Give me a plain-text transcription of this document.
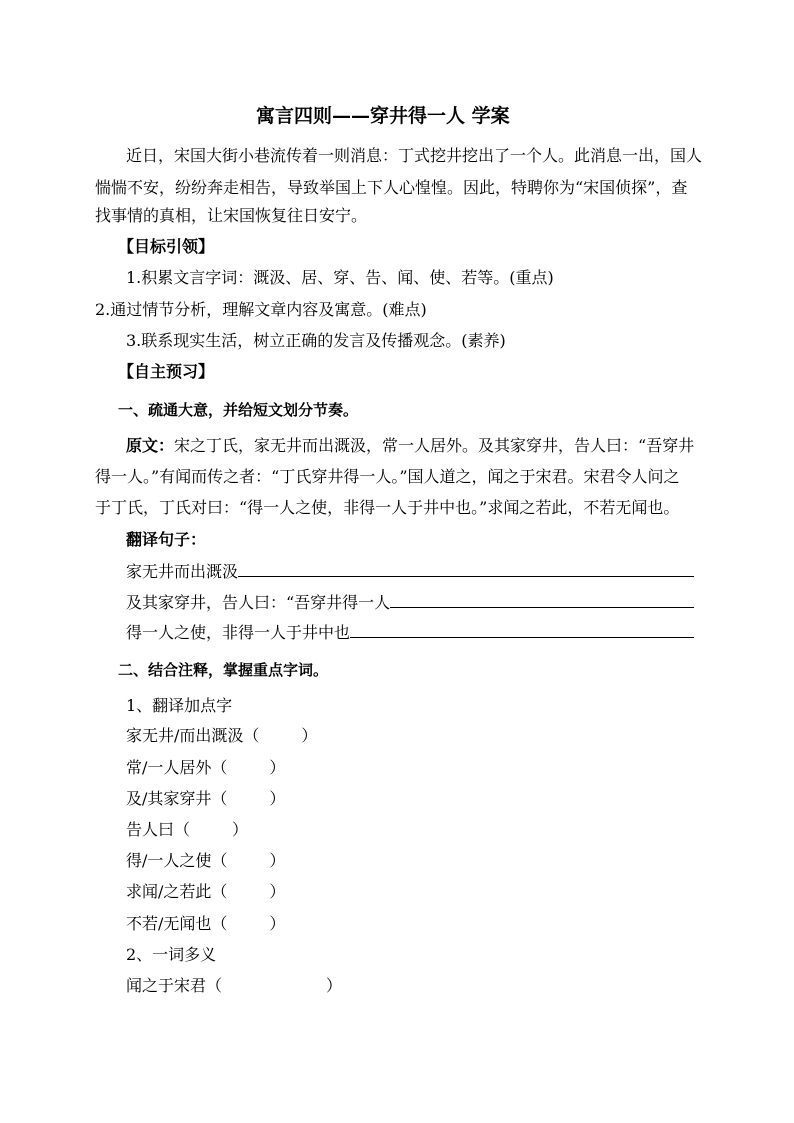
寓言四则——穿井得一人 学案
近日，宋国大街小巷流传着一则消息：丁式挖井挖出了一个人。此消息一出，国人
惴惴不安，纷纷奔走相告，导致举国上下人心惶惶。因此，特聘你为“宋国侦探”，查
找事情的真相，让宋国恢复往日安宁。
【目标引领】
1.积累文言字词：溉汲、居、穿、告、闻、使、若等。(重点)
2.通过情节分析，理解文章内容及寓意。(难点)
3.联系现实生活，树立正确的发言及传播观念。(素养)
【自主预习】
一、疏通大意，并给短文划分节奏。
原文：宋之丁氏，家无井而出溉汲，常一人居外。及其家穿井，告人曰：“吾穿井
得一人。”有闻而传之者：“丁氏穿井得一人。”国人道之，闻之于宋君。宋君令人问之
于丁氏，丁氏对曰：“得一人之使，非得一人于井中也。”求闻之若此，不若无闻也。
翻译句子：
家无井而出溉汲
及其家穿井，告人曰：“吾穿井得一人
得一人之使，非得一人于井中也
二、结合注释，掌握重点字词。
1、翻译加点字
家无井/而出溉汲（	）
常/一人居外（	）
及/其家穿井（	）
告人曰（	）
得/一人之使（	）
求闻/之若此（	）
不若/无闻也（	）
2、一词多义
闻之于宋君（	）
